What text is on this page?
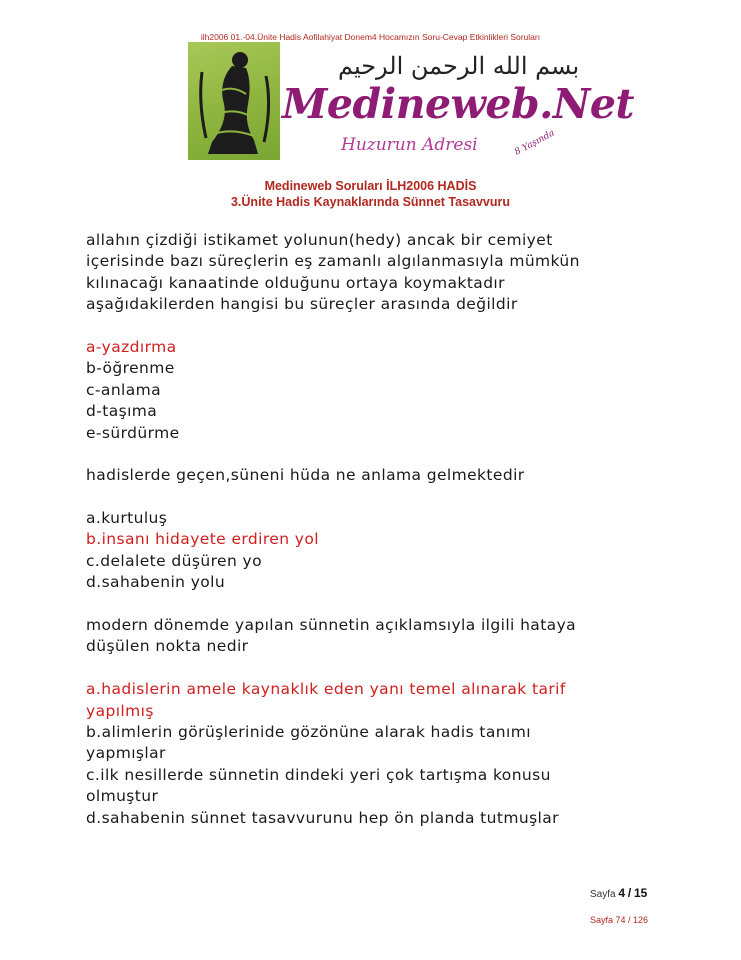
ilh2006 01.-04.Ünite Hadis Aofilahiyat Donem4 Hocamızın Soru-Cevap Etkinlikleri Soruları
بسم الله الرحمن الرحيم
Medineweb.Net
Huzurun Adresi	8 Yaşında
Medineweb Soruları İLH2006 HADİS
3.Ünite Hadis Kaynaklarında Sünnet Tasavvuru
allahın çizdiği istikamet yolunun(hedy) ancak bir cemiyet
içerisinde bazı süreçlerin eş zamanlı algılanmasıyla mümkün
kılınacağı kanaatinde olduğunu ortaya koymaktadır
aşağıdakilerden hangisi bu süreçler arasında değildir
a-yazdırma
b-öğrenme
c-anlama
d-taşıma
e-sürdürme
hadislerde geçen,süneni hüda ne anlama gelmektedir
a.kurtuluş
b.insanı hidayete erdiren yol
c.delalete düşüren yo
d.sahabenin yolu
modern dönemde yapılan sünnetin açıklamsıyla ilgili hataya
düşülen nokta nedir
a.hadislerin amele kaynaklık eden yanı temel alınarak tarif
yapılmış
b.alimlerin görüşlerinide gözönüne alarak hadis tanımı
yapmışlar
c.ilk nesillerde sünnetin dindeki yeri çok tartışma konusu
olmuştur
d.sahabenin sünnet tasavvurunu hep ön planda tutmuşlar
Sayfa 4 / 15
Sayfa 74 / 126
